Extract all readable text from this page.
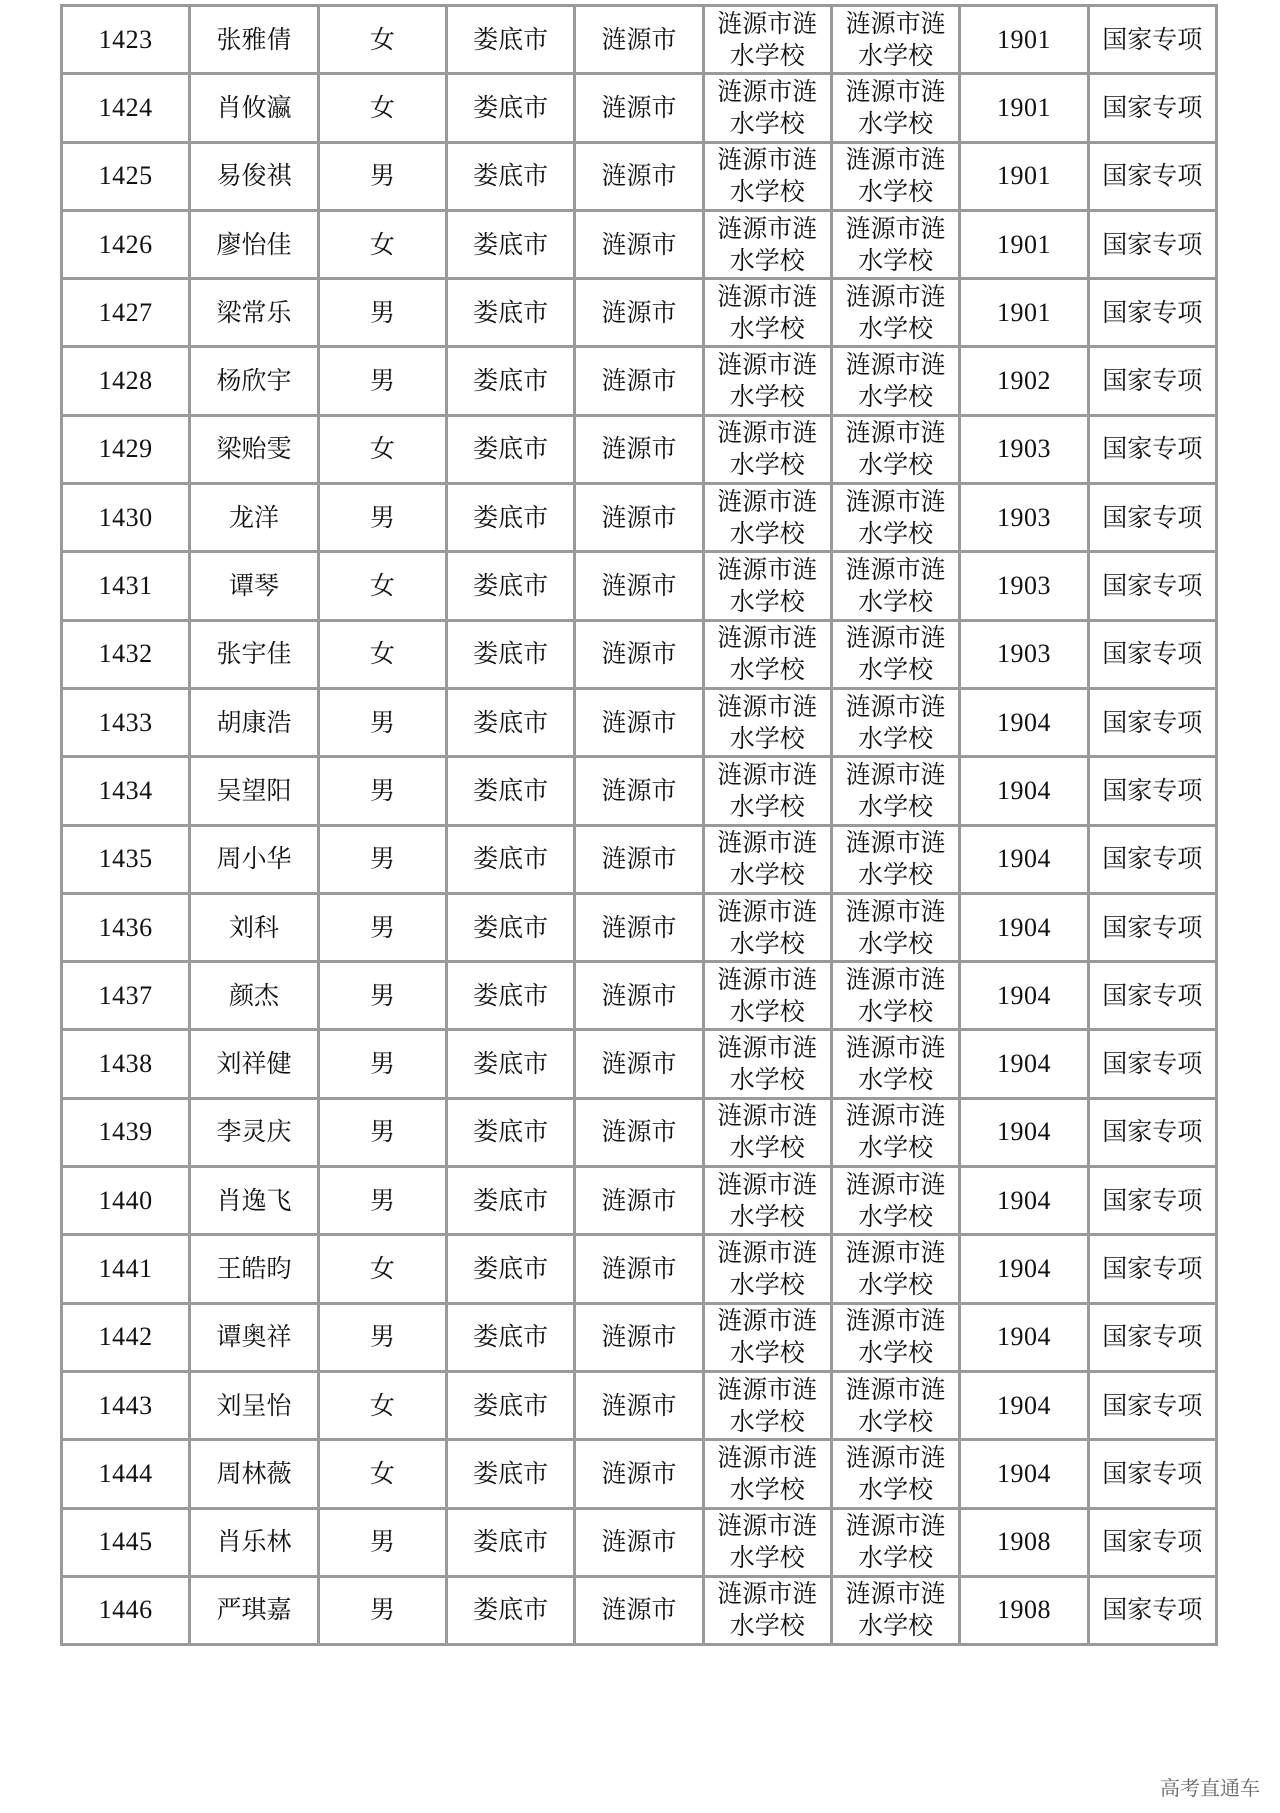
1423	张雅倩	女	娄底市	涟源市	涟源市涟水学校	涟源市涟水学校	1901	国家专项
1424	肖攸瀛	女	娄底市	涟源市	涟源市涟水学校	涟源市涟水学校	1901	国家专项
1425	易俊祺	男	娄底市	涟源市	涟源市涟水学校	涟源市涟水学校	1901	国家专项
1426	廖怡佳	女	娄底市	涟源市	涟源市涟水学校	涟源市涟水学校	1901	国家专项
1427	梁常乐	男	娄底市	涟源市	涟源市涟水学校	涟源市涟水学校	1901	国家专项
1428	杨欣宇	男	娄底市	涟源市	涟源市涟水学校	涟源市涟水学校	1902	国家专项
1429	梁贻雯	女	娄底市	涟源市	涟源市涟水学校	涟源市涟水学校	1903	国家专项
1430	龙洋	男	娄底市	涟源市	涟源市涟水学校	涟源市涟水学校	1903	国家专项
1431	谭琴	女	娄底市	涟源市	涟源市涟水学校	涟源市涟水学校	1903	国家专项
1432	张宇佳	女	娄底市	涟源市	涟源市涟水学校	涟源市涟水学校	1903	国家专项
1433	胡康浩	男	娄底市	涟源市	涟源市涟水学校	涟源市涟水学校	1904	国家专项
1434	吴望阳	男	娄底市	涟源市	涟源市涟水学校	涟源市涟水学校	1904	国家专项
1435	周小华	男	娄底市	涟源市	涟源市涟水学校	涟源市涟水学校	1904	国家专项
1436	刘科	男	娄底市	涟源市	涟源市涟水学校	涟源市涟水学校	1904	国家专项
1437	颜杰	男	娄底市	涟源市	涟源市涟水学校	涟源市涟水学校	1904	国家专项
1438	刘祥健	男	娄底市	涟源市	涟源市涟水学校	涟源市涟水学校	1904	国家专项
1439	李灵庆	男	娄底市	涟源市	涟源市涟水学校	涟源市涟水学校	1904	国家专项
1440	肖逸飞	男	娄底市	涟源市	涟源市涟水学校	涟源市涟水学校	1904	国家专项
1441	王皓昀	女	娄底市	涟源市	涟源市涟水学校	涟源市涟水学校	1904	国家专项
1442	谭奥祥	男	娄底市	涟源市	涟源市涟水学校	涟源市涟水学校	1904	国家专项
1443	刘呈怡	女	娄底市	涟源市	涟源市涟水学校	涟源市涟水学校	1904	国家专项
1444	周林薇	女	娄底市	涟源市	涟源市涟水学校	涟源市涟水学校	1904	国家专项
1445	肖乐林	男	娄底市	涟源市	涟源市涟水学校	涟源市涟水学校	1908	国家专项
1446	严琪嘉	男	娄底市	涟源市	涟源市涟水学校	涟源市涟水学校	1908	国家专项
高考直通车
